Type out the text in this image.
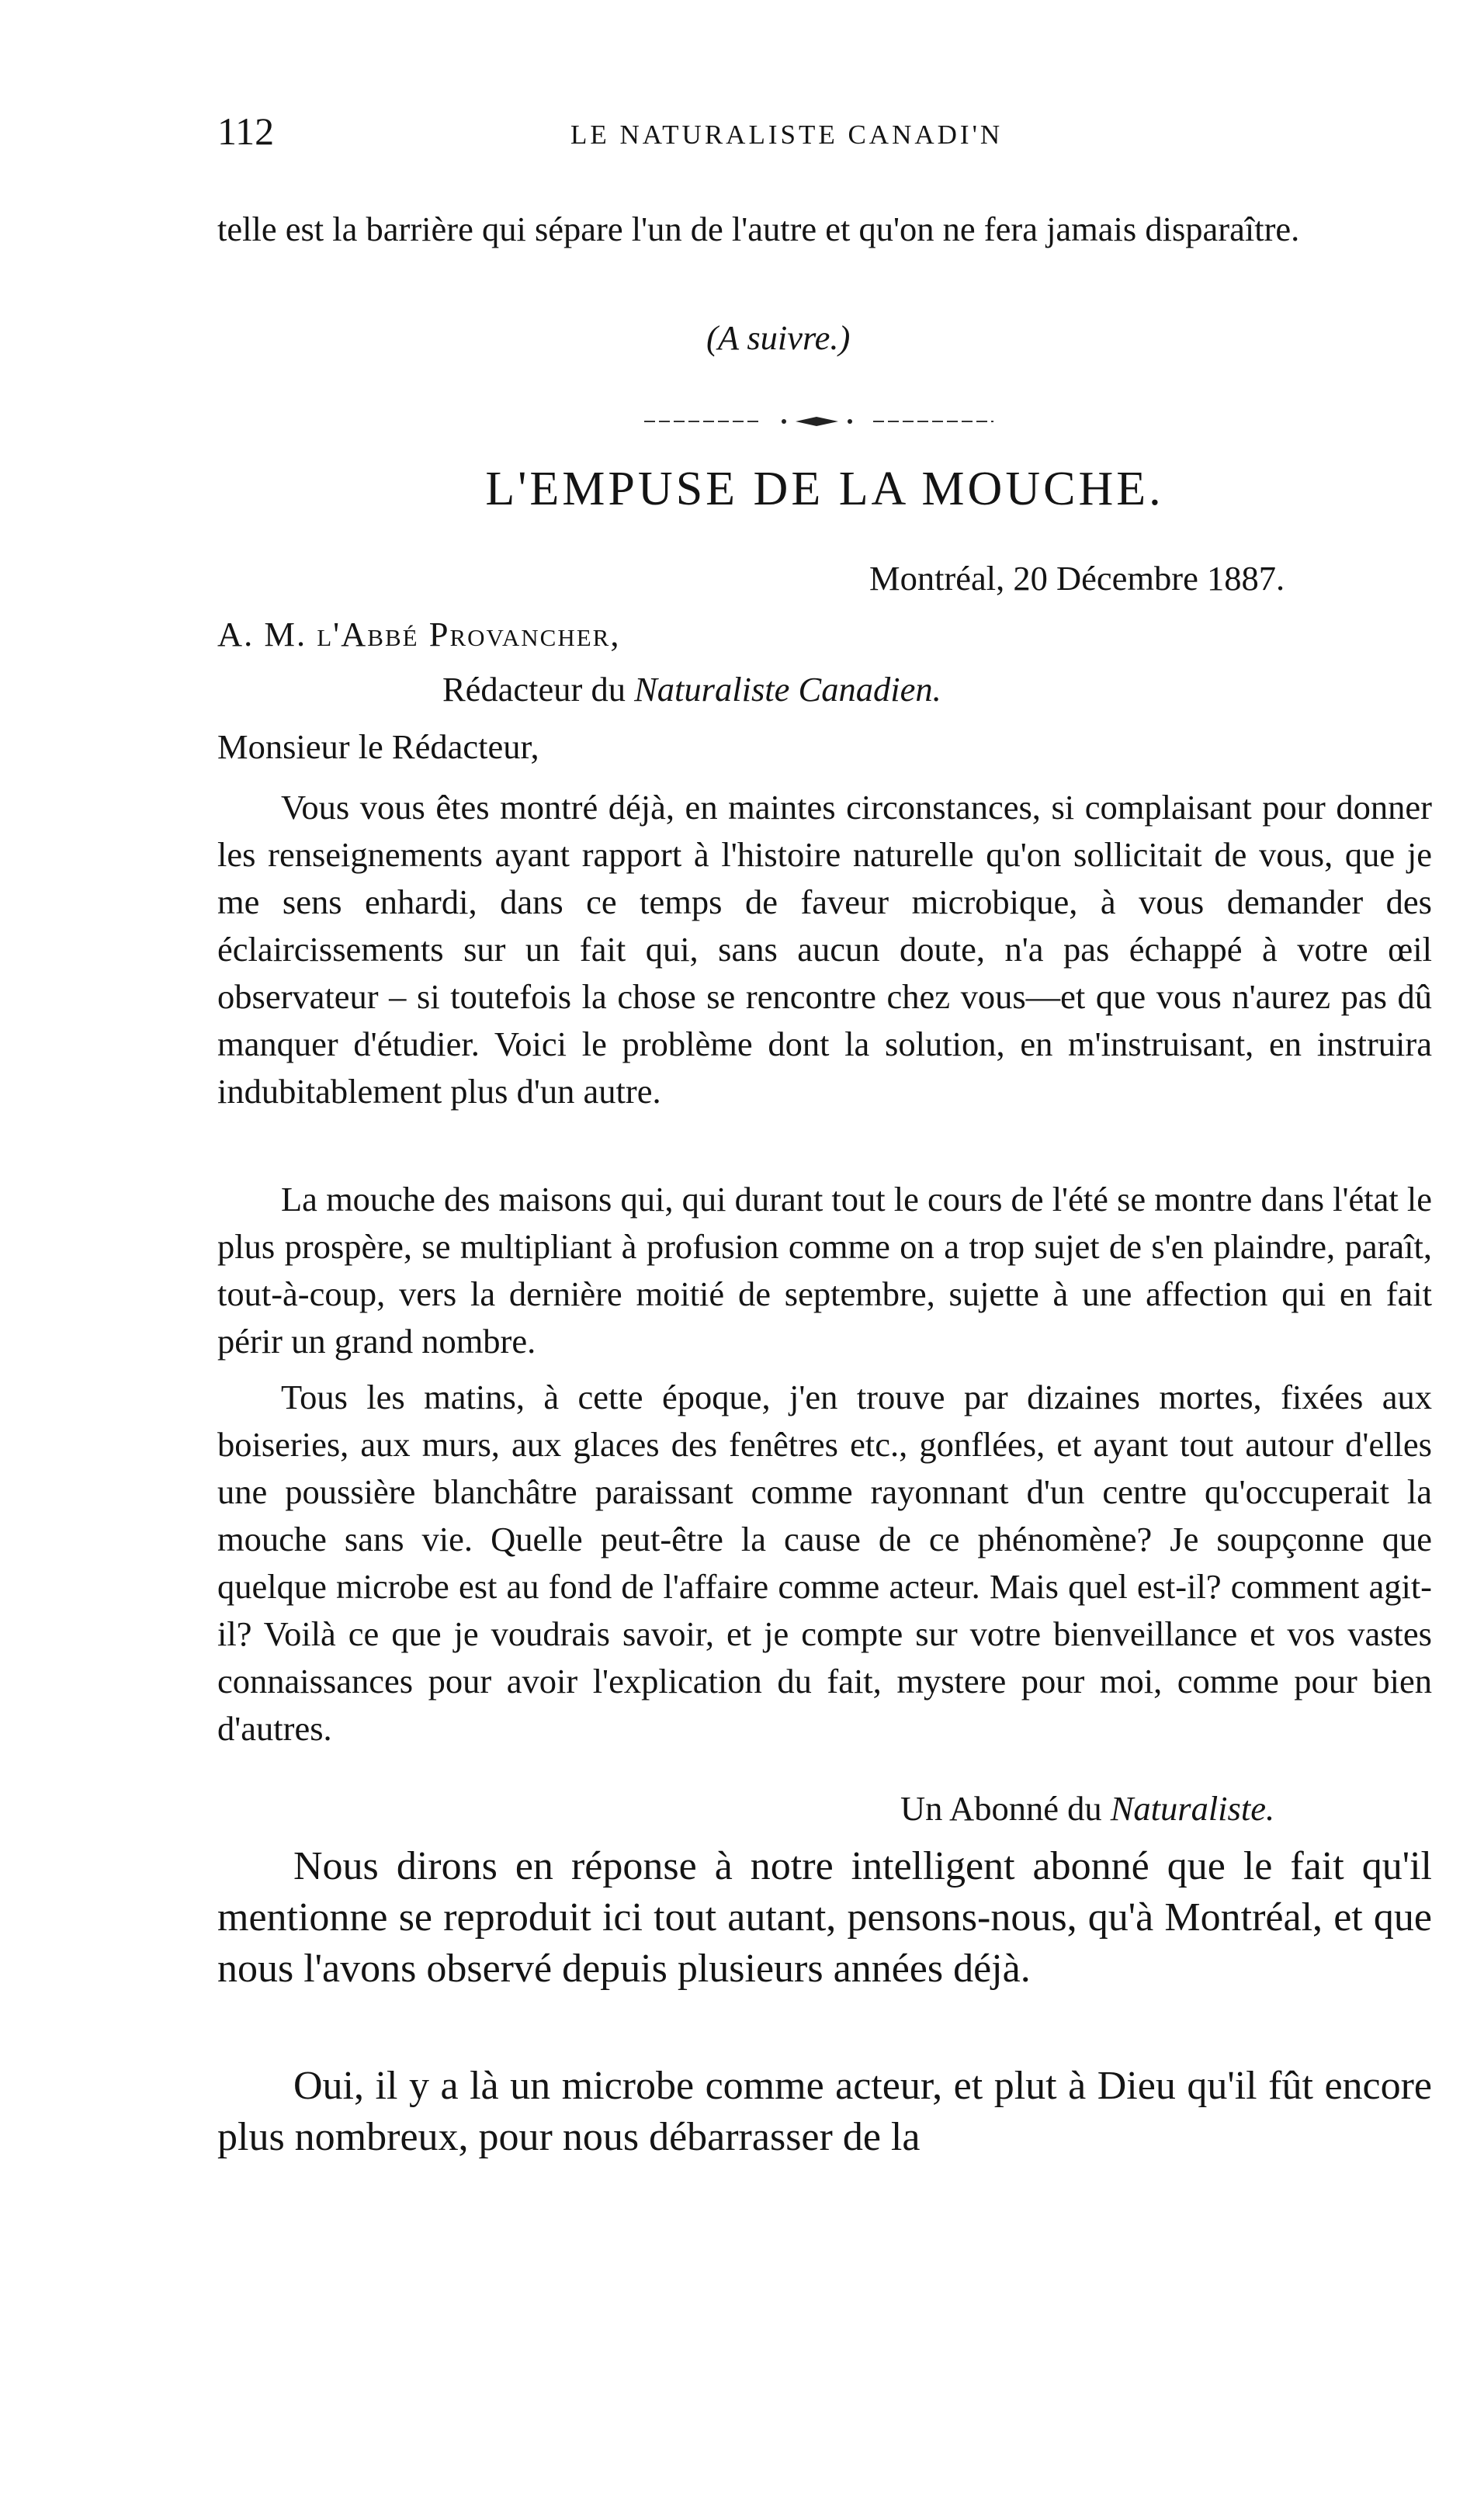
112	LE NATURALISTE CANADI'N

telle est la barrière qui sépare l'un de l'autre et qu'on ne fera jamais disparaître.

(A suivre.)

L'EMPUSE DE LA MOUCHE.

Montréal, 20 Décembre 1887.

A. M. l'Abbé Provancher,

Rédacteur du Naturaliste Canadien.

Monsieur le Rédacteur,

Vous vous êtes montré déjà, en maintes circonstances, si complaisant pour donner les renseignements ayant rapport à l'histoire naturelle qu'on sollicitait de vous, que je me sens enhardi, dans ce temps de faveur microbique, à vous demander des éclaircissements sur un fait qui, sans aucun doute, n'a pas échappé à votre œil observateur – si toutefois la chose se rencontre chez vous—et que vous n'aurez pas dû manquer d'étudier. Voici le problème dont la solution, en m'instruisant, en instruira indubitablement plus d'un autre.

La mouche des maisons qui, qui durant tout le cours de l'été se montre dans l'état le plus prospère, se multipliant à profusion comme on a trop sujet de s'en plaindre, paraît, tout-à-coup, vers la dernière moitié de septembre, sujette à une affection qui en fait périr un grand nombre.

Tous les matins, à cette époque, j'en trouve par dizaines mortes, fixées aux boiseries, aux murs, aux glaces des fenêtres etc., gonflées, et ayant tout autour d'elles une poussière blanchâtre paraissant comme rayonnant d'un centre qu'occuperait la mouche sans vie. Quelle peut-être la cause de ce phénomène? Je soupçonne que quelque microbe est au fond de l'affaire comme acteur. Mais quel est-il? comment agit-il? Voilà ce que je voudrais savoir, et je compte sur votre bienveillance et vos vastes connaissances pour avoir l'explication du fait, mystere pour moi, comme pour bien d'autres.

Un Abonné du Naturaliste.

Nous dirons en réponse à notre intelligent abonné que le fait qu'il mentionne se reproduit ici tout autant, pensons-nous, qu'à Montréal, et que nous l'avons observé depuis plusieurs années déjà.

Oui, il y a là un microbe comme acteur, et plut à Dieu qu'il fût encore plus nombreux, pour nous débarrasser de la
